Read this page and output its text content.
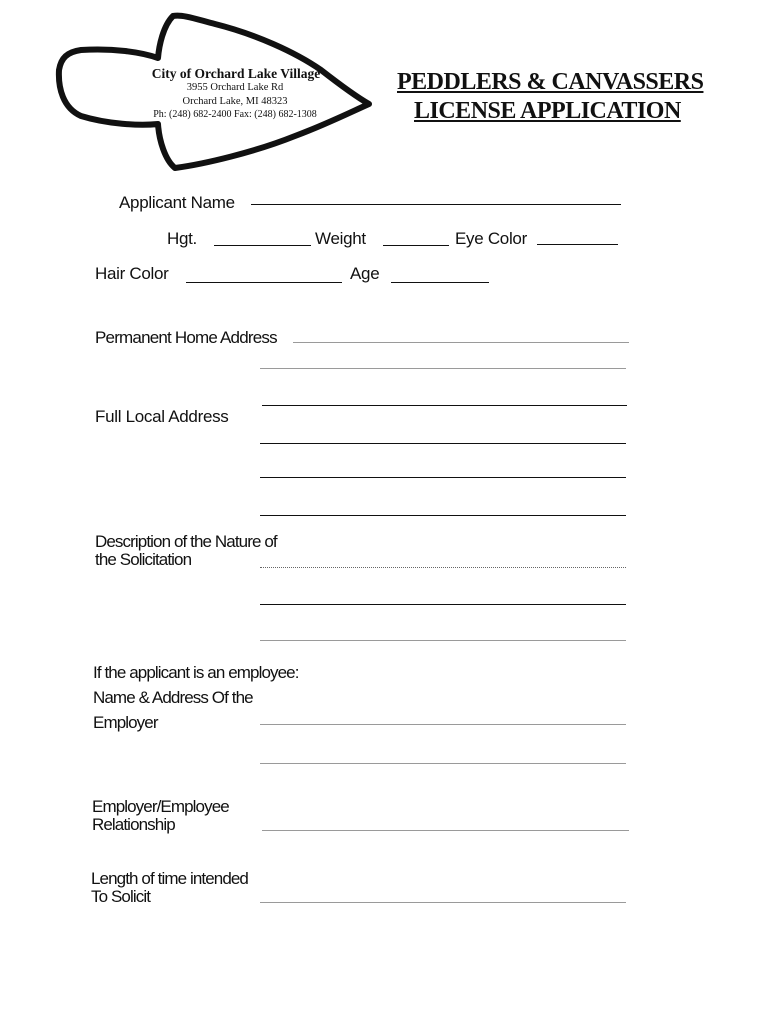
City of Orchard Lake Village
3955 Orchard Lake Rd
Orchard Lake, MI 48323
Ph: (248) 682-2400 Fax: (248) 682-1308
PEDDLERS & CANVASSERS
LICENSE APPLICATION
Applicant Name
Hgt.	Weight	Eye Color
Hair Color	Age
Permanent Home Address
Full Local Address
Description of the Nature of
the Solicitation
If the applicant is an employee:
Name & Address Of the
Employer
Employer/Employee
Relationship
Length of time intended
To Solicit
